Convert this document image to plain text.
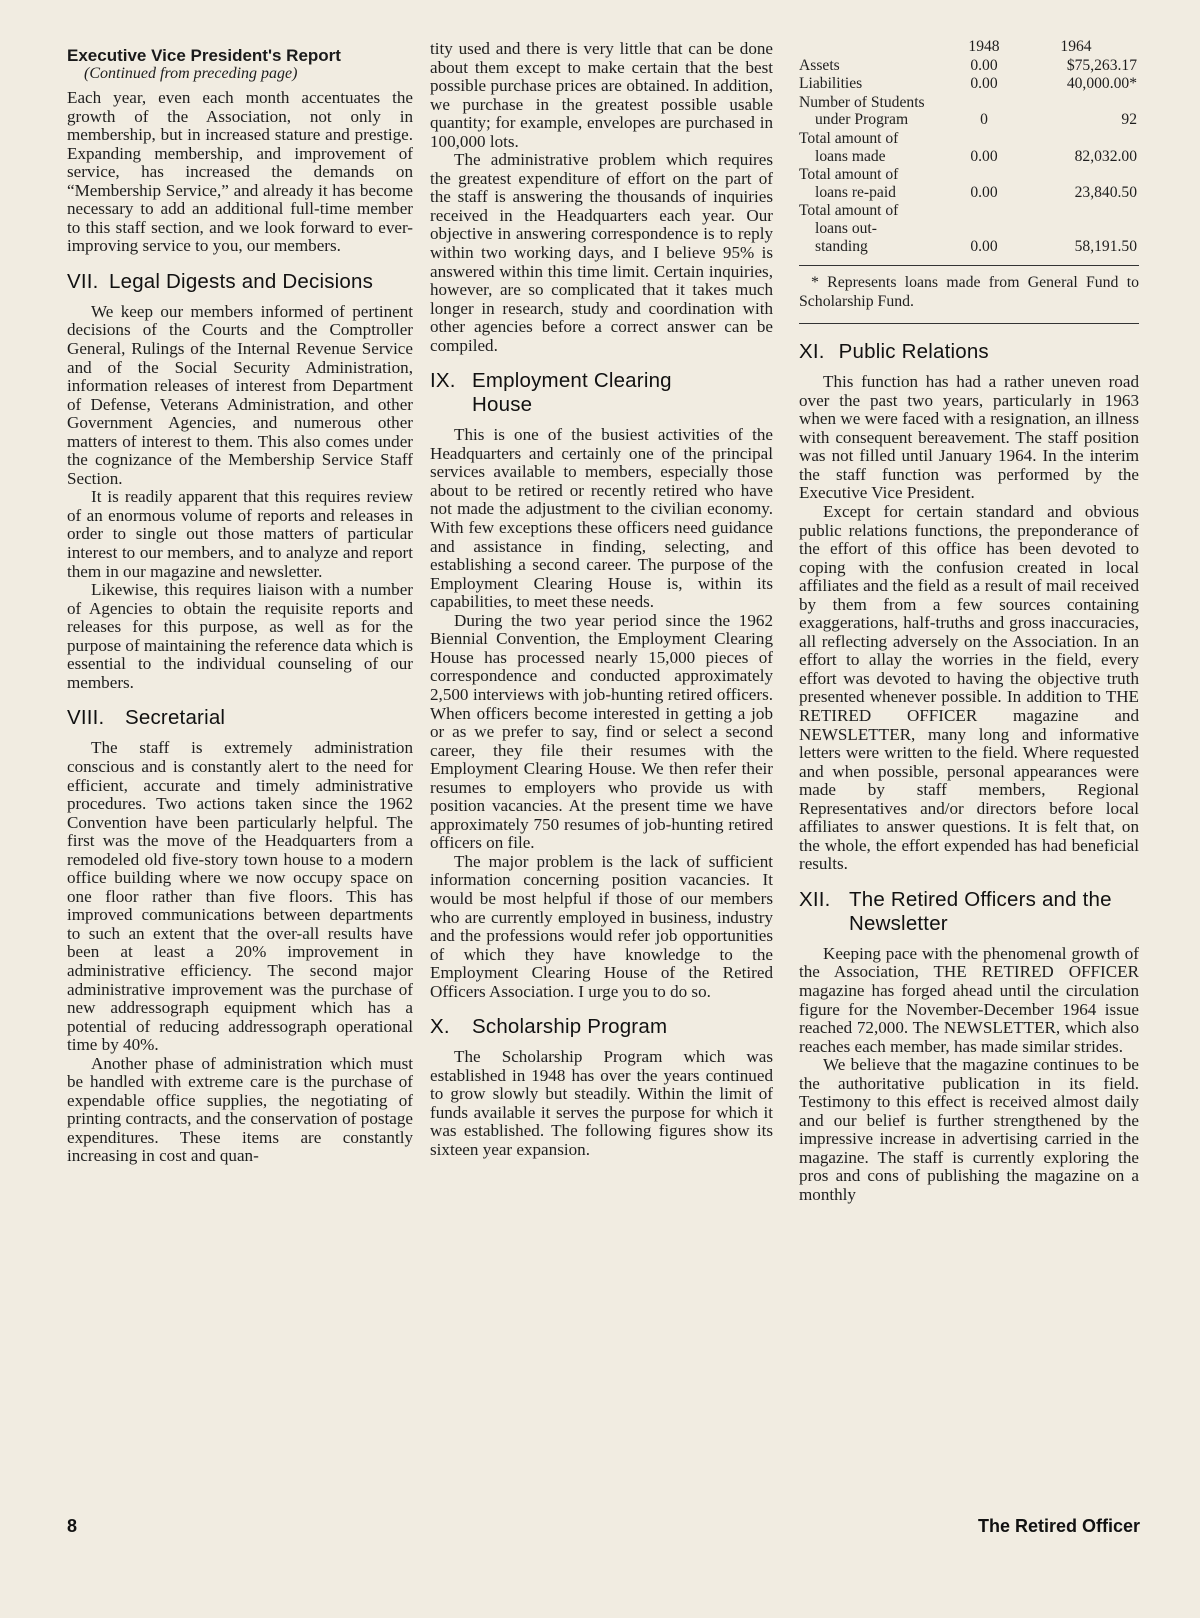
Executive Vice President's Report
(Continued from preceding page)

Each year, even each month accentuates the growth of the Association, not only in membership, but in increased stature and prestige. Expanding membership, and improvement of service, has increased the demands on “Membership Service,” and already it has become necessary to add an additional full-time member to this staff section, and we look forward to ever-improving service to you, our members.

VII. Legal Digests and Decisions

We keep our members informed of pertinent decisions of the Courts and the Comptroller General, Rulings of the Internal Revenue Service and of the Social Security Administration, information releases of interest from Department of Defense, Veterans Administration, and other Government Agencies, and numerous other matters of interest to them. This also comes under the cognizance of the Membership Service Staff Section.

It is readily apparent that this requires review of an enormous volume of reports and releases in order to single out those matters of particular interest to our members, and to analyze and report them in our magazine and newsletter.

Likewise, this requires liaison with a number of Agencies to obtain the requisite reports and releases for this purpose, as well as for the purpose of maintaining the reference data which is essential to the individual counseling of our members.

VIII.	Secretarial

The staff is extremely administration conscious and is constantly alert to the need for efficient, accurate and timely administrative procedures. Two actions taken since the 1962 Convention have been particularly helpful. The first was the move of the Headquarters from a remodeled old five-story town house to a modern office building where we now occupy space on one floor rather than five floors. This has improved communications between departments to such an extent that the over-all results have been at least a 20% improvement in administrative efficiency. The second major administrative improvement was the purchase of new addressograph equipment which has a potential of reducing addressograph operational time by 40%.

Another phase of administration which must be handled with extreme care is the purchase of expendable office supplies, the negotiating of printing contracts, and the conservation of postage expenditures. These items are constantly increasing in cost and quan-

tity used and there is very little that can be done about them except to make certain that the best possible purchase prices are obtained. In addition, we purchase in the greatest possible usable quantity; for example, envelopes are purchased in 100,000 lots.

The administrative problem which requires the greatest expenditure of effort on the part of the staff is answering the thousands of inquiries received in the Headquarters each year. Our objective in answering correspondence is to reply within two working days, and I believe 95% is answered within this time limit. Certain inquiries, however, are so complicated that it takes much longer in research, study and coordination with other agencies before a correct answer can be compiled.

IX. Employment Clearing House

This is one of the busiest activities of the Headquarters and certainly one of the principal services available to members, especially those about to be retired or recently retired who have not made the adjustment to the civilian economy. With few exceptions these officers need guidance and assistance in finding, selecting, and establishing a second career. The purpose of the Employment Clearing House is, within its capabilities, to meet these needs.

During the two year period since the 1962 Biennial Convention, the Employment Clearing House has processed nearly 15,000 pieces of correspondence and conducted approximately 2,500 interviews with job-hunting retired officers. When officers become interested in getting a job or as we prefer to say, find or select a second career, they file their resumes with the Employment Clearing House. We then refer their resumes to employers who provide us with position vacancies. At the present time we have approximately 750 resumes of job-hunting retired officers on file.

The major problem is the lack of sufficient information concerning position vacancies. It would be most helpful if those of our members who are currently employed in business, industry and the professions would refer job opportunities of which they have knowledge to the Employment Clearing House of the Retired Officers Association. I urge you to do so.

X.	Scholarship Program

The Scholarship Program which was established in 1948 has over the years continued to grow slowly but steadily. Within the limit of funds available it serves the purpose for which it was established. The following figures show its sixteen year expansion.

	1948	1964
Assets	0.00	$75,263.17
Liabilities	0.00	40,000.00*
Number of Students		
under Program	0	92
Total amount of		
loans made	0.00	82,032.00
Total amount of		
loans re-paid	0.00	23,840.50
Total amount of		
loans out-		
standing	0.00	58,191.50

* Represents loans made from General Fund to Scholarship Fund.

XI. Public Relations

This function has had a rather uneven road over the past two years, particularly in 1963 when we were faced with a resignation, an illness with consequent bereavement. The staff position was not filled until January 1964. In the interim the staff function was performed by the Executive Vice President.

Except for certain standard and obvious public relations functions, the preponderance of the effort of this office has been devoted to coping with the confusion created in local affiliates and the field as a result of mail received by them from a few sources containing exaggerations, half-truths and gross inaccuracies, all reflecting adversely on the Association. In an effort to allay the worries in the field, every effort was devoted to having the objective truth presented whenever possible. In addition to THE RETIRED OFFICER magazine and NEWSLETTER, many long and informative letters were written to the field. Where requested and when possible, personal appearances were made by staff members, Regional Representatives and/or directors before local affiliates to answer questions. It is felt that, on the whole, the effort expended has had beneficial results.

XII. The Retired Officers and the Newsletter

Keeping pace with the phenomenal growth of the Association, THE RETIRED OFFICER magazine has forged ahead until the circulation figure for the November-December 1964 issue reached 72,000. The NEWSLETTER, which also reaches each member, has made similar strides.

We believe that the magazine continues to be the authoritative publication in its field. Testimony to this effect is received almost daily and our belief is further strengthened by the impressive increase in advertising carried in the magazine. The staff is currently exploring the pros and cons of publishing the magazine on a monthly

8	The Retired Officer
